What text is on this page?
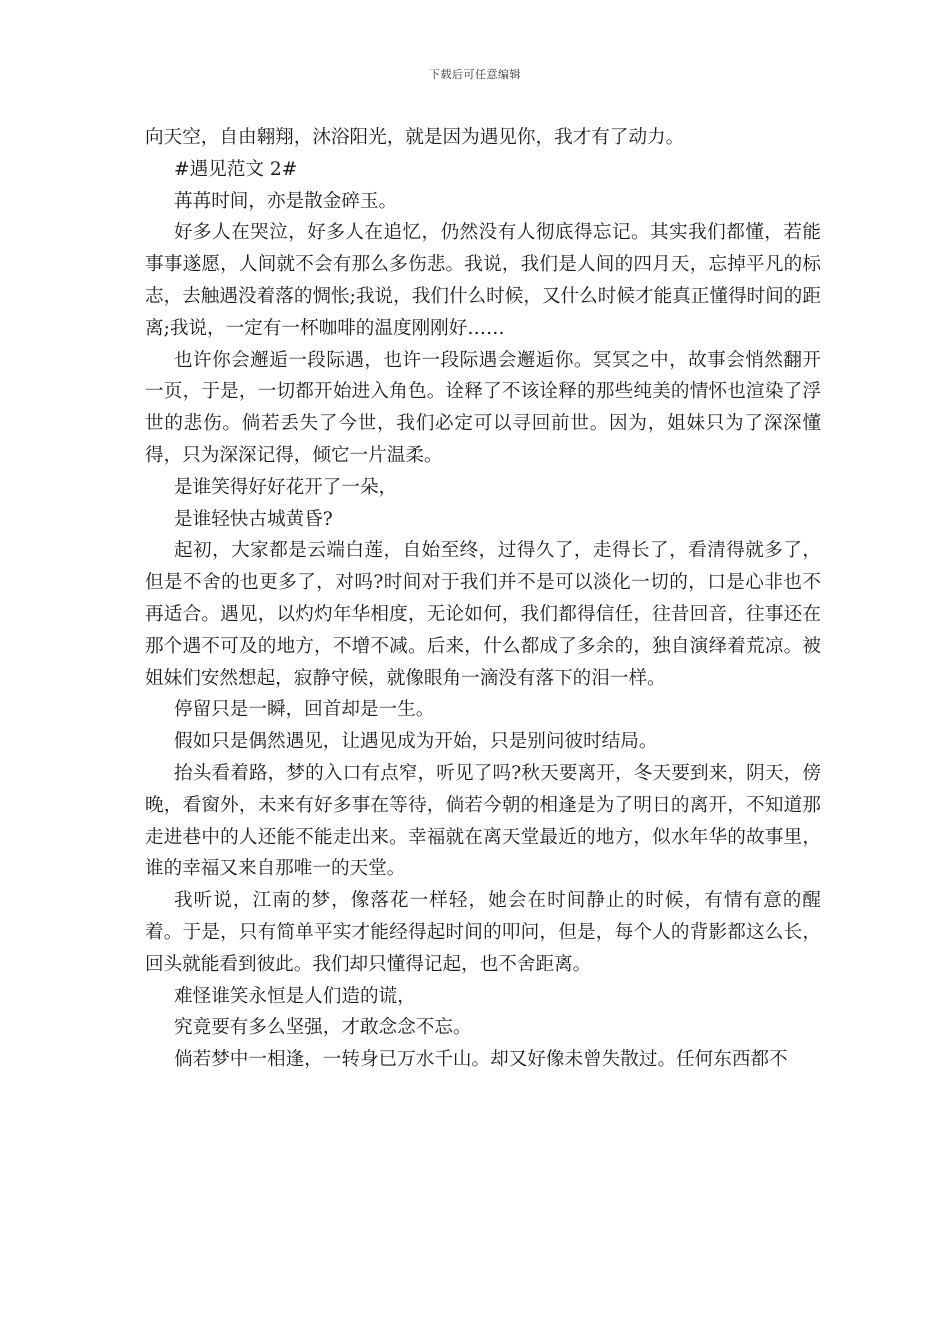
下载后可任意编辑

向天空，自由翱翔，沐浴阳光，就是因为遇见你，我才有了动力。

#遇见范文 2#

苒苒时间，亦是散金碎玉。

好多人在哭泣，好多人在追忆，仍然没有人彻底得忘记。其实我们都懂，若能事事遂愿，人间就不会有那么多伤悲。我说，我们是人间的四月天，忘掉平凡的标志，去触遇没着落的惆怅;我说，我们什么时候，又什么时候才能真正懂得时间的距离;我说，一定有一杯咖啡的温度刚刚好……

也许你会邂逅一段际遇，也许一段际遇会邂逅你。冥冥之中，故事会悄然翻开一页，于是，一切都开始进入角色。诠释了不该诠释的那些纯美的情怀也渲染了浮世的悲伤。倘若丢失了今世，我们必定可以寻回前世。因为，姐妹只为了深深懂得，只为深深记得，倾它一片温柔。

是谁笑得好好花开了一朵，

是谁轻快古城黄昏?

起初，大家都是云端白莲，自始至终，过得久了，走得长了，看清得就多了，但是不舍的也更多了，对吗?时间对于我们并不是可以淡化一切的，口是心非也不再适合。遇见，以灼灼年华相度，无论如何，我们都得信任，往昔回音，往事还在那个遇不可及的地方，不增不减。后来，什么都成了多余的，独自演绎着荒凉。被姐妹们安然想起，寂静守候，就像眼角一滴没有落下的泪一样。

停留只是一瞬，回首却是一生。

假如只是偶然遇见，让遇见成为开始，只是别问彼时结局。

抬头看着路，梦的入口有点窄，听见了吗?秋天要离开，冬天要到来，阴天，傍晚，看窗外，未来有好多事在等待，倘若今朝的相逢是为了明日的离开，不知道那走进巷中的人还能不能走出来。幸福就在离天堂最近的地方，似水年华的故事里，谁的幸福又来自那唯一的天堂。

我听说，江南的梦，像落花一样轻，她会在时间静止的时候，有情有意的醒着。于是，只有简单平实才能经得起时间的叩问，但是，每个人的背影都这么长，回头就能看到彼此。我们却只懂得记起，也不舍距离。

难怪谁笑永恒是人们造的谎，

究竟要有多么坚强，才敢念念不忘。

倘若梦中一相逢，一转身已万水千山。却又好像未曾失散过。任何东西都不
